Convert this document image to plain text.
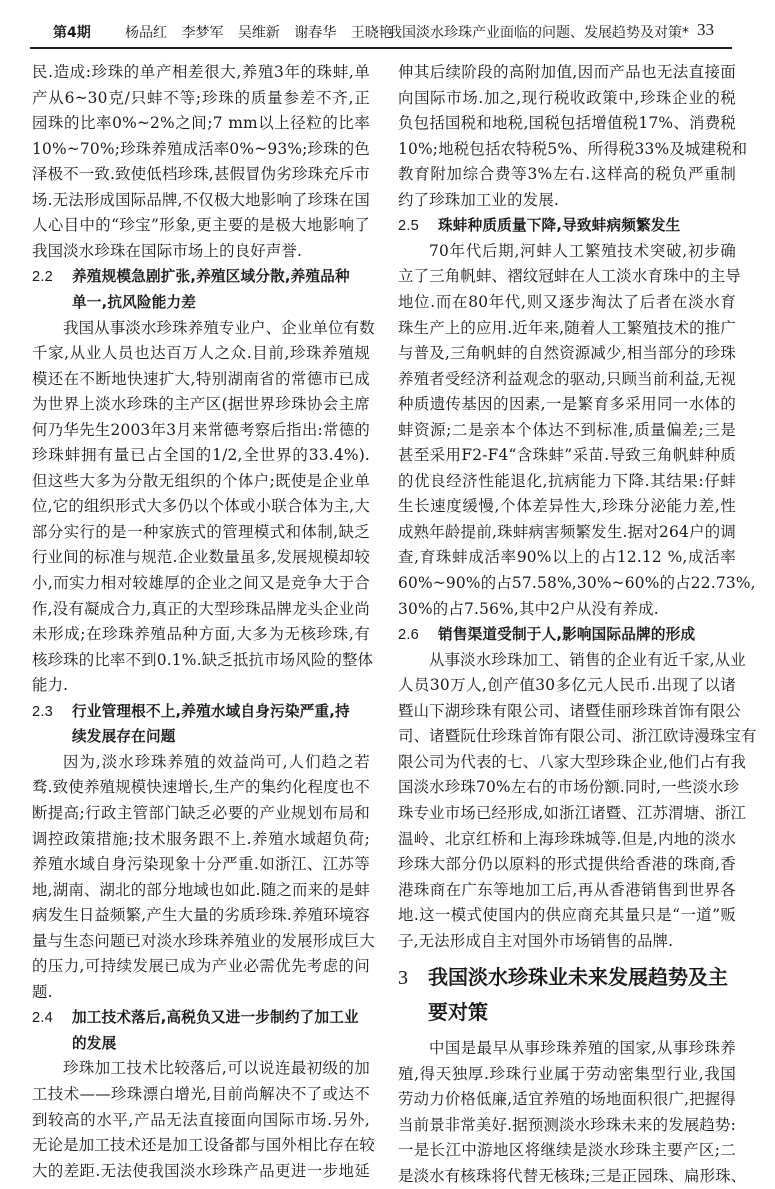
第4期 杨品红 李梦军 吴维新 谢春华 王晓艳
我国淡水珍珠产业面临的问题、发展趋势及对策* 33
民.造成:珍珠的单产相差很大,养殖3年的珠蚌,单
产从6~30克/只蚌不等;珍珠的质量参差不齐,正
园珠的比率0%~2%之间;7 mm以上径粒的比率
10%~70%;珍珠养殖成活率0%~93%;珍珠的色
泽极不一致.致使低档珍珠,甚假冒伪劣珍珠充斥市
场.无法形成国际品牌,不仅极大地影响了珍珠在国
人心目中的“珍宝”形象,更主要的是极大地影响了
我国淡水珍珠在国际市场上的良好声誉.
2.2 养殖规模急剧扩张,养殖区域分散,养殖品种
单一,抗风险能力差
我国从事淡水珍珠养殖专业户、企业单位有数
千家,从业人员也达百万人之众.目前,珍珠养殖规
模还在不断地快速扩大,特别湖南省的常德市已成
为世界上淡水珍珠的主产区(据世界珍珠协会主席
何乃华先生2003年3月来常德考察后指出:常德的
珍珠蚌拥有量已占全国的1/2,全世界的33.4%).
但这些大多为分散无组织的个体户;既使是企业单
位,它的组织形式大多仍以个体或小联合体为主,大
部分实行的是一种家族式的管理模式和体制,缺乏
行业间的标准与规范.企业数量虽多,发展规模却较
小,而实力相对较雄厚的企业之间又是竞争大于合
作,没有凝成合力,真正的大型珍珠品牌龙头企业尚
未形成;在珍珠养殖品种方面,大多为无核珍珠,有
核珍珠的比率不到0.1%.缺乏抵抗市场风险的整体
能力.
2.3 行业管理根不上,养殖水域自身污染严重,持
续发展存在问题
因为,淡水珍珠养殖的效益尚可,人们趋之若
骛.致使养殖规模快速增长,生产的集约化程度也不
断提高;行政主管部门缺乏必要的产业规划布局和
调控政策措施;技术服务跟不上.养殖水域超负荷;
养殖水域自身污染现象十分严重.如浙江、江苏等
地,湖南、湖北的部分地域也如此.随之而来的是蚌
病发生日益频繁,产生大量的劣质珍珠.养殖环境容
量与生态问题已对淡水珍珠养殖业的发展形成巨大
的压力,可持续发展已成为产业必需优先考虑的问
题.
2.4 加工技术落后,高税负又进一步制约了加工业
的发展
珍珠加工技术比较落后,可以说连最初级的加
工技术——珍珠漂白增光,目前尚解决不了或达不
到较高的水平,产品无法直接面向国际市场.另外,
无论是加工技术还是加工设备都与国外相比存在较
大的差距.无法使我国淡水珍珠产品更进一步地延
3 我国淡水珍珠业未来发展趋势及主
要对策
伸其后续阶段的高附加值,因而产品也无法直接面
向国际市场.加之,现行税收政策中,珍珠企业的税
负包括国税和地税,国税包括增值税17%、消费税
10%;地税包括农特税5%、所得税33%及城建税和
教育附加综合费等3%左右.这样高的税负严重制
约了珍珠加工业的发展.
2.5 珠蚌种质质量下降,导致蚌病频繁发生
70年代后期,河蚌人工繁殖技术突破,初步确
立了三角帆蚌、褶纹冠蚌在人工淡水育珠中的主导
地位.而在80年代,则又逐步淘汰了后者在淡水育
珠生产上的应用.近年来,随着人工繁殖技术的推广
与普及,三角帆蚌的自然资源减少,相当部分的珍珠
养殖者受经济利益观念的驱动,只顾当前利益,无视
种质遗传基因的因素,一是繁育多采用同一水体的
蚌资源;二是亲本个体达不到标准,质量偏差;三是
甚至采用F2-F4“含珠蚌”采苗.导致三角帆蚌种质
的优良经济性能退化,抗病能力下降.其结果:仔蚌
生长速度缓慢,个体差异性大,珍珠分泌能力差,性
成熟年龄提前,珠蚌病害频繁发生.据对264户的调
查,育珠蚌成活率90%以上的占12.12 %,成活率
60%~90%的占57.58%,30%~60%的占22.73%,
30%的占7.56%,其中2户从没有养成.
2.6 销售渠道受制于人,影响国际品牌的形成
从事淡水珍珠加工、销售的企业有近千家,从业
人员30万人,创产值30多亿元人民币.出现了以诸
暨山下湖珍珠有限公司、诸暨佳丽珍珠首饰有限公
司、诸暨阮仕珍珠首饰有限公司、浙江欧诗漫珠宝有
限公司为代表的七、八家大型珍珠企业,他们占有我
国淡水珍珠70%左右的市场份额.同时,一些淡水珍
珠专业市场已经形成,如浙江诸暨、江苏渭塘、浙江
温岭、北京红桥和上海珍珠城等.但是,内地的淡水
珍珠大部分仍以原料的形式提供给香港的珠商,香
港珠商在广东等地加工后,再从香港销售到世界各
地.这一模式使国内的供应商充其量只是“一道”贩
子,无法形成自主对国外市场销售的品牌.
中国是最早从事珍珠养殖的国家,从事珍珠养
殖,得天独厚.珍珠行业属于劳动密集型行业,我国
劳动力价格低廉,适宜养殖的场地面积很广,把握得
当前景非常美好.据预测淡水珍珠未来的发展趋势:
一是长江中游地区将继续是淡水珍珠主要产区;二
是淡水有核珠将代替无核珠;三是正园珠、扁形珠、
